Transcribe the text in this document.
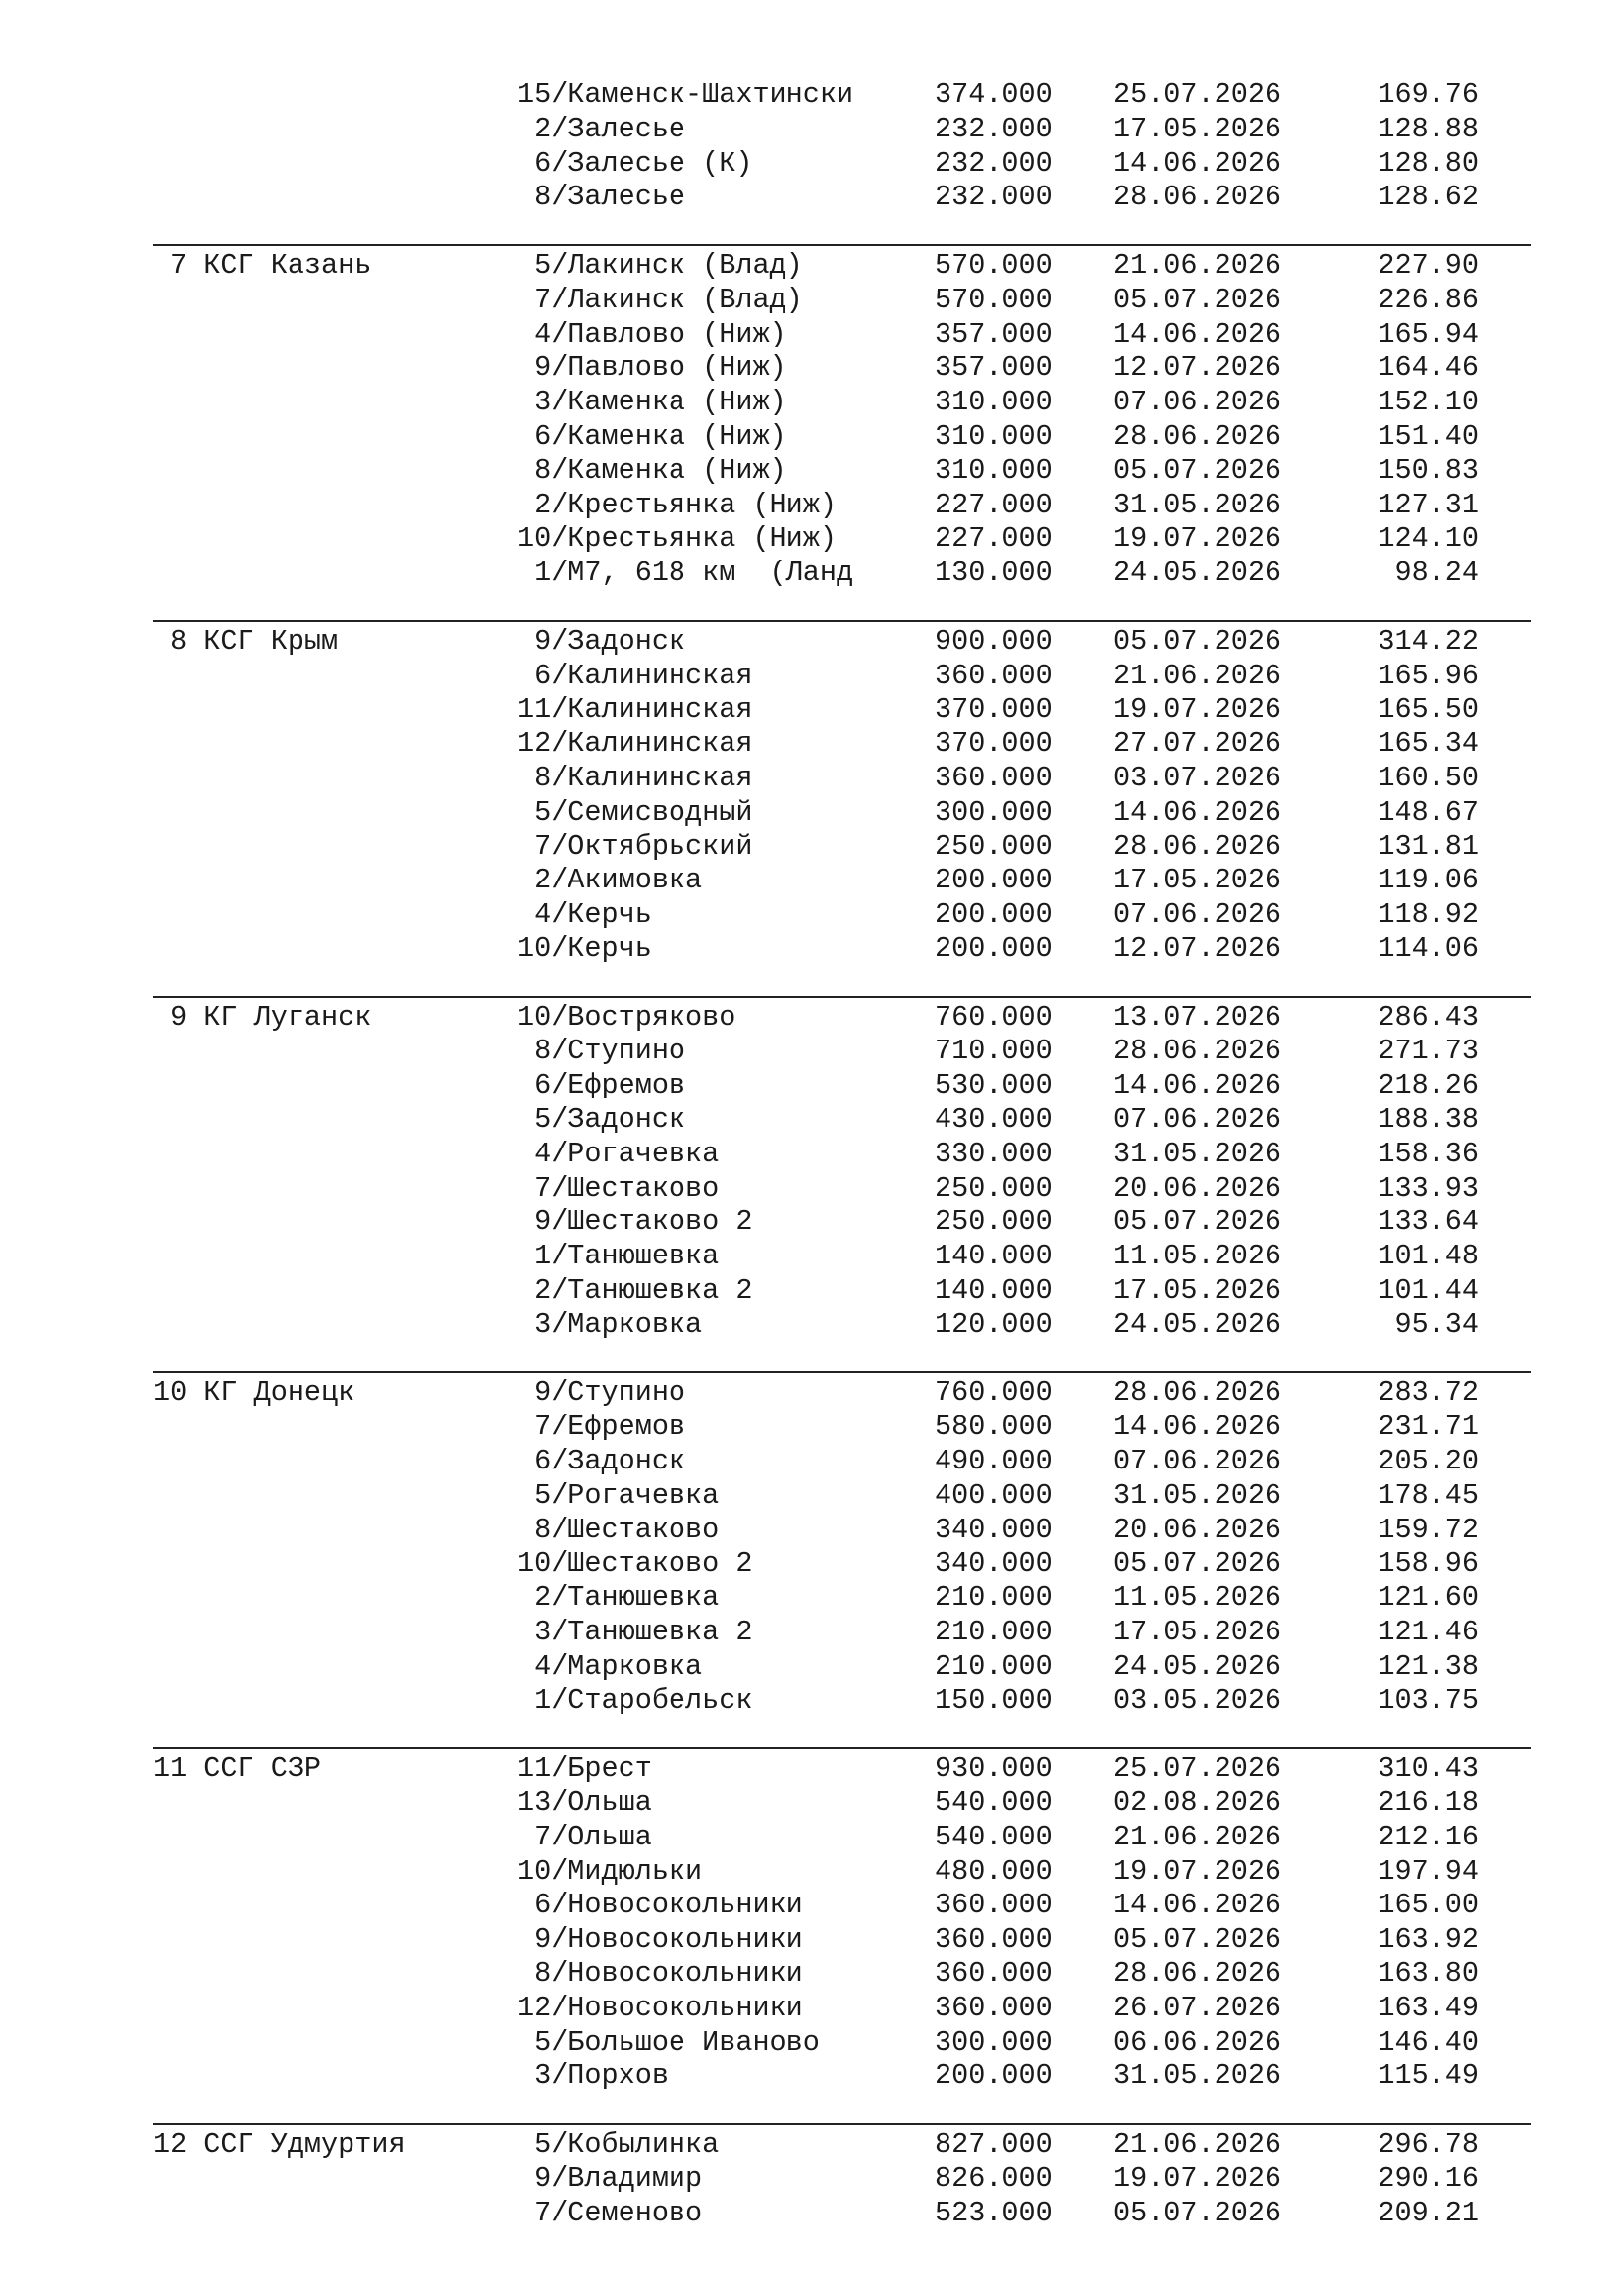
15/Каменск-Шахтински	374.000 25.07.2026	169.76
2/Залесье	232.000 17.05.2026	128.88
6/Залесье (К)	232.000 14.06.2026	128.80
8/Залесье	232.000 28.06.2026	128.62
7 КСГ Казань	5/Лакинск (Влад)	570.000 21.06.2026	227.90
7/Лакинск (Влад)	570.000 05.07.2026	226.86
4/Павлово (Ниж)	357.000 14.06.2026	165.94
9/Павлово (Ниж)	357.000 12.07.2026	164.46
3/Каменка (Ниж)	310.000 07.06.2026	152.10
6/Каменка (Ниж)	310.000 28.06.2026	151.40
8/Каменка (Ниж)	310.000 05.07.2026	150.83
2/Крестьянка (Ниж)	227.000 31.05.2026	127.31
10/Крестьянка (Ниж)	227.000 19.07.2026	124.10
1/М7, 618 км  (Ланд	130.000 24.05.2026	98.24
8 КСГ Крым	9/Задонск	900.000 05.07.2026	314.22
6/Калининская	360.000 21.06.2026	165.96
11/Калининская	370.000 19.07.2026	165.50
12/Калининская	370.000 27.07.2026	165.34
8/Калининская	360.000 03.07.2026	160.50
5/Семисводный	300.000 14.06.2026	148.67
7/Октябрьский	250.000 28.06.2026	131.81
2/Акимовка	200.000 17.05.2026	119.06
4/Керчь	200.000 07.06.2026	118.92
10/Керчь	200.000 12.07.2026	114.06
9 КГ Луганск	10/Востряково	760.000 13.07.2026	286.43
8/Ступино	710.000 28.06.2026	271.73
6/Ефремов	530.000 14.06.2026	218.26
5/Задонск	430.000 07.06.2026	188.38
4/Рогачевка	330.000 31.05.2026	158.36
7/Шестаково	250.000 20.06.2026	133.93
9/Шестаково 2	250.000 05.07.2026	133.64
1/Танюшевка	140.000 11.05.2026	101.48
2/Танюшевка 2	140.000 17.05.2026	101.44
3/Марковка	120.000 24.05.2026	95.34
10 КГ Донецк	9/Ступино	760.000 28.06.2026	283.72
7/Ефремов	580.000 14.06.2026	231.71
6/Задонск	490.000 07.06.2026	205.20
5/Рогачевка	400.000 31.05.2026	178.45
8/Шестаково	340.000 20.06.2026	159.72
10/Шестаково 2	340.000 05.07.2026	158.96
2/Танюшевка	210.000 11.05.2026	121.60
3/Танюшевка 2	210.000 17.05.2026	121.46
4/Марковка	210.000 24.05.2026	121.38
1/Старобельск	150.000 03.05.2026	103.75
11 ССГ СЗР	11/Брест	930.000 25.07.2026	310.43
13/Ольша	540.000 02.08.2026	216.18
7/Ольша	540.000 21.06.2026	212.16
10/Мидюльки	480.000 19.07.2026	197.94
6/Новосокольники	360.000 14.06.2026	165.00
9/Новосокольники	360.000 05.07.2026	163.92
8/Новосокольники	360.000 28.06.2026	163.80
12/Новосокольники	360.000 26.07.2026	163.49
5/Большое Иваново	300.000 06.06.2026	146.40
3/Порхов	200.000 31.05.2026	115.49
12 ССГ Удмуртия	5/Кобылинка	827.000 21.06.2026	296.78
9/Владимир	826.000 19.07.2026	290.16
7/Семеново	523.000 05.07.2026	209.21
